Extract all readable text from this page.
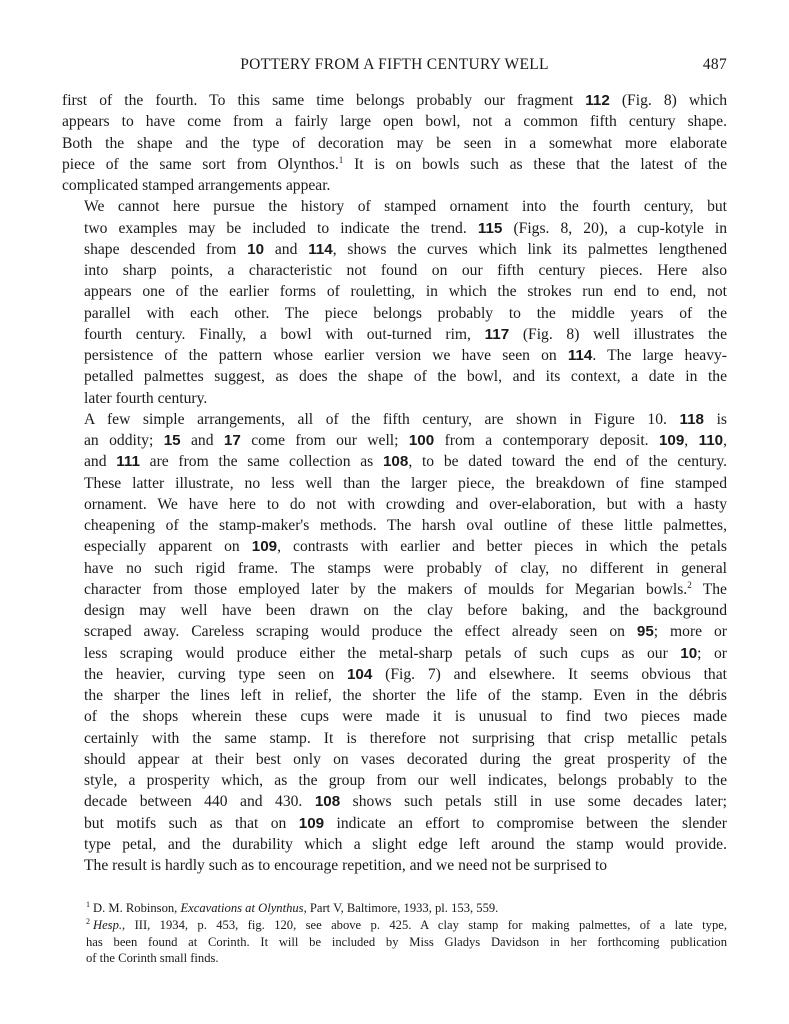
POTTERY FROM A FIFTH CENTURY WELL	487

first of the fourth. To this same time belongs probably our fragment 112 (Fig. 8) which
appears to have come from a fairly large open bowl, not a common fifth century shape.
Both the shape and the type of decoration may be seen in a somewhat more elaborate
piece of the same sort from Olynthos.$^1$ It is on bowls such as these that the latest of the
complicated stamped arrangements appear.

We cannot here pursue the history of stamped ornament into the fourth century, but
two examples may be included to indicate the trend. 115 (Figs. 8, 20), a cup-kotyle in
shape descended from 10 and 114, shows the curves which link its palmettes lengthened
into sharp points, a characteristic not found on our fifth century pieces. Here also
appears one of the earlier forms of rouletting, in which the strokes run end to end, not
parallel with each other. The piece belongs probably to the middle years of the
fourth century. Finally, a bowl with out-turned rim, 117 (Fig. 8) well illustrates the
persistence of the pattern whose earlier version we have seen on 114. The large heavy-
petalled palmettes suggest, as does the shape of the bowl, and its context, a date in the
later fourth century.

A few simple arrangements, all of the fifth century, are shown in Figure 10. 118 is
an oddity; 15 and 17 come from our well; 100 from a contemporary deposit. 109, 110,
and 111 are from the same collection as 108, to be dated toward the end of the century.
These latter illustrate, no less well than the larger piece, the breakdown of fine stamped
ornament. We have here to do not with crowding and over-elaboration, but with a hasty
cheapening of the stamp-maker's methods. The harsh oval outline of these little palmettes,
especially apparent on 109, contrasts with earlier and better pieces in which the petals
have no such rigid frame. The stamps were probably of clay, no different in general
character from those employed later by the makers of moulds for Megarian bowls.$^2$ The
design may well have been drawn on the clay before baking, and the background
scraped away. Careless scraping would produce the effect already seen on 95; more or
less scraping would produce either the metal-sharp petals of such cups as our 10; or
the heavier, curving type seen on 104 (Fig. 7) and elsewhere. It seems obvious that
the sharper the lines left in relief, the shorter the life of the stamp. Even in the débris
of the shops wherein these cups were made it is unusual to find two pieces made
certainly with the same stamp. It is therefore not surprising that crisp metallic petals
should appear at their best only on vases decorated during the great prosperity of the
style, a prosperity which, as the group from our well indicates, belongs probably to the
decade between 440 and 430. 108 shows such petals still in use some decades later;
but motifs such as that on 109 indicate an effort to compromise between the slender
type petal, and the durability which a slight edge left around the stamp would provide.
The result is hardly such as to encourage repetition, and we need not be surprised to

$^1$ D. M. Robinson, Excavations at Olynthus, Part V, Baltimore, 1933, pl. 153, 559.

$^2$ Hesp., III, 1934, p. 453, fig. 120, see above p. 425. A clay stamp for making palmettes, of a late type,
has been found at Corinth. It will be included by Miss Gladys Davidson in her forthcoming publication
of the Corinth small finds.
